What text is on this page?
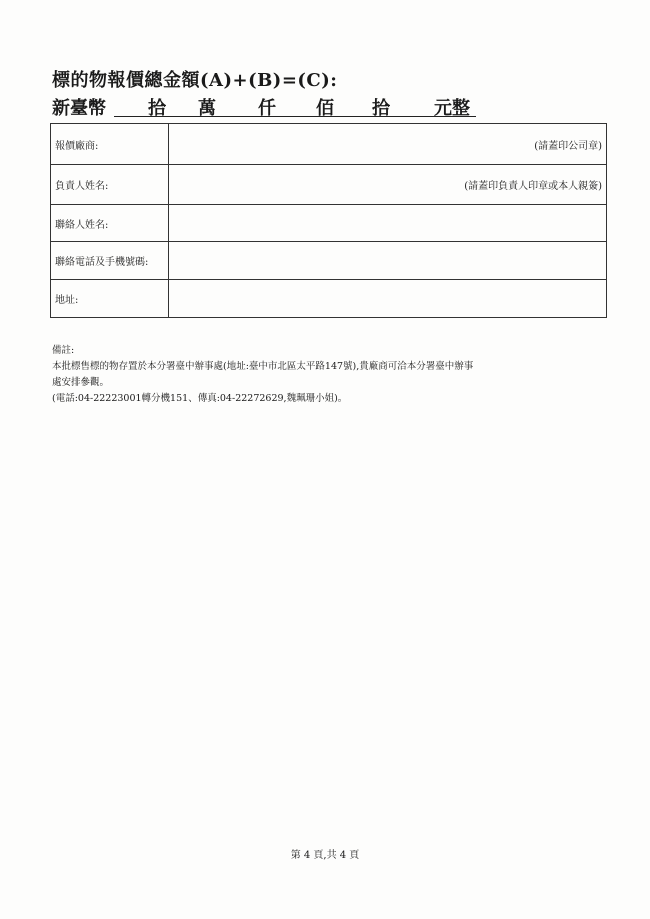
標的物報價總金額(A)+(B)=(C):
新臺幣 拾 萬 仟 佰 拾 元整
報價廠商:	(請蓋印公司章)
負責人姓名:	(請蓋印負責人印章或本人親簽)
聯絡人姓名:	
聯絡電話及手機號碼:	
地址:	

備註:

本批標售標的物存置於本分署臺中辦事處(地址:臺中市北區太平路147號),貴廠商可洽本分署臺中辦事

處安排參觀。

(電話:04-22223001轉分機151、傳真:04-22272629,魏珮珊小姐)。

第 4 頁,共 4 頁
